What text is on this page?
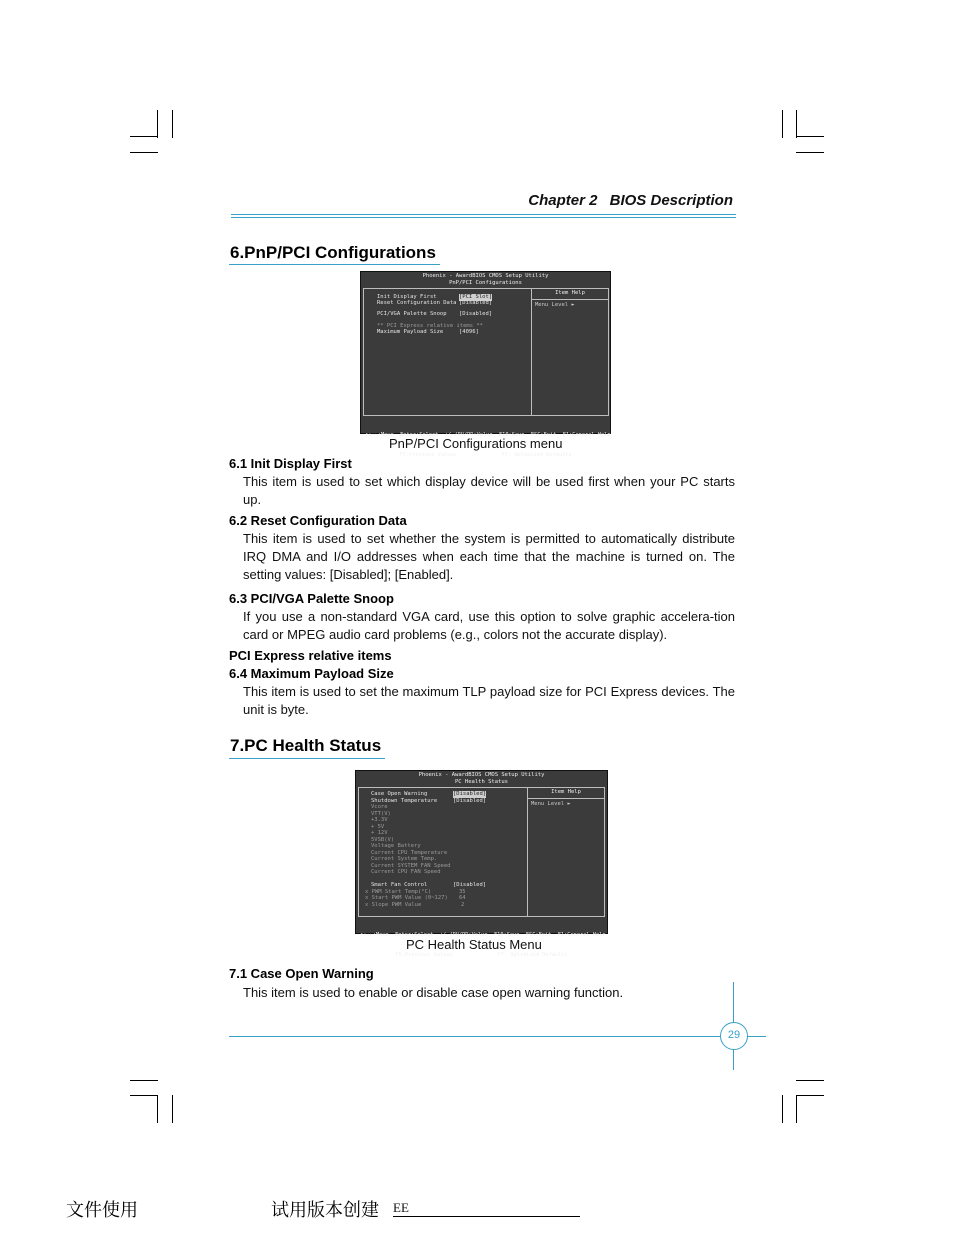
Chapter 2 BIOS Description
6.PnP/PCI Configurations
Phoenix - AwardBIOS CMOS Setup Utility
PnP/PCI Configurations
Init Display First	[PCI Slot]
Reset Configuration Data [Disabled]
PCI/VGA Palette Snoop [Disabled]
** PCI Express relative items **
Maximum Payload Size	[4096]
Item Help
Menu Level ►

↑↓→←:Move  Enter:Select  +/-/PU/PD:Value  F10:Save  ESC:Exit  F1:General Help

F5:Previous Values              F7: Optimized Defaults

PnP/PCI Configurations menu
6.1 Init Display First
This item is used to set which display device will be used first when your PC starts up.
6.2 Reset Configuration Data
This item is used to set whether the system is permitted to automatically distribute IRQ DMA and I/O addresses when each time that the machine is turned on. The setting values: [Disabled]; [Enabled].
6.3 PCI/VGA Palette Snoop
If you use a non-standard VGA card, use this option to solve graphic accelera-tion card or MPEG audio card problems (e.g., colors not the accurate display).
PCI Express relative items
6.4 Maximum Payload Size
This item is used to set the maximum TLP payload size for PCI Express devices. The unit is byte.
7.PC Health Status
Phoenix - AwardBIOS CMOS Setup Utility
PC Health Status
Case Open Warning	[Disabled]
Shutdown Temperature	[Disabled]
Vcore
VTT(V)
+3.3V
+ 5V
+ 12V
5VSB(V)
Voltage Battery
Current CPU Temperature
Current System Temp.
Current SYSTEM FAN Speed
Current CPU FAN Speed
Smart Fan Control	[Disabled]
x PWM Start Temp(°C)	35
x Start PWM Value (0~127) 64
x Slope PWM Value	2
Item Help
Menu Level ►

↑↓→←:Move  Enter:Select  +/-/PU/PD:Value  F10:Save  ESC:Exit  F1:General Help

F5:Previous Values              F7: Optimized Defaults

PC Health Status Menu
7.1 Case Open Warning
This item is used to enable or disable case open warning function.
29
文件使用	试用版本创建 EE
